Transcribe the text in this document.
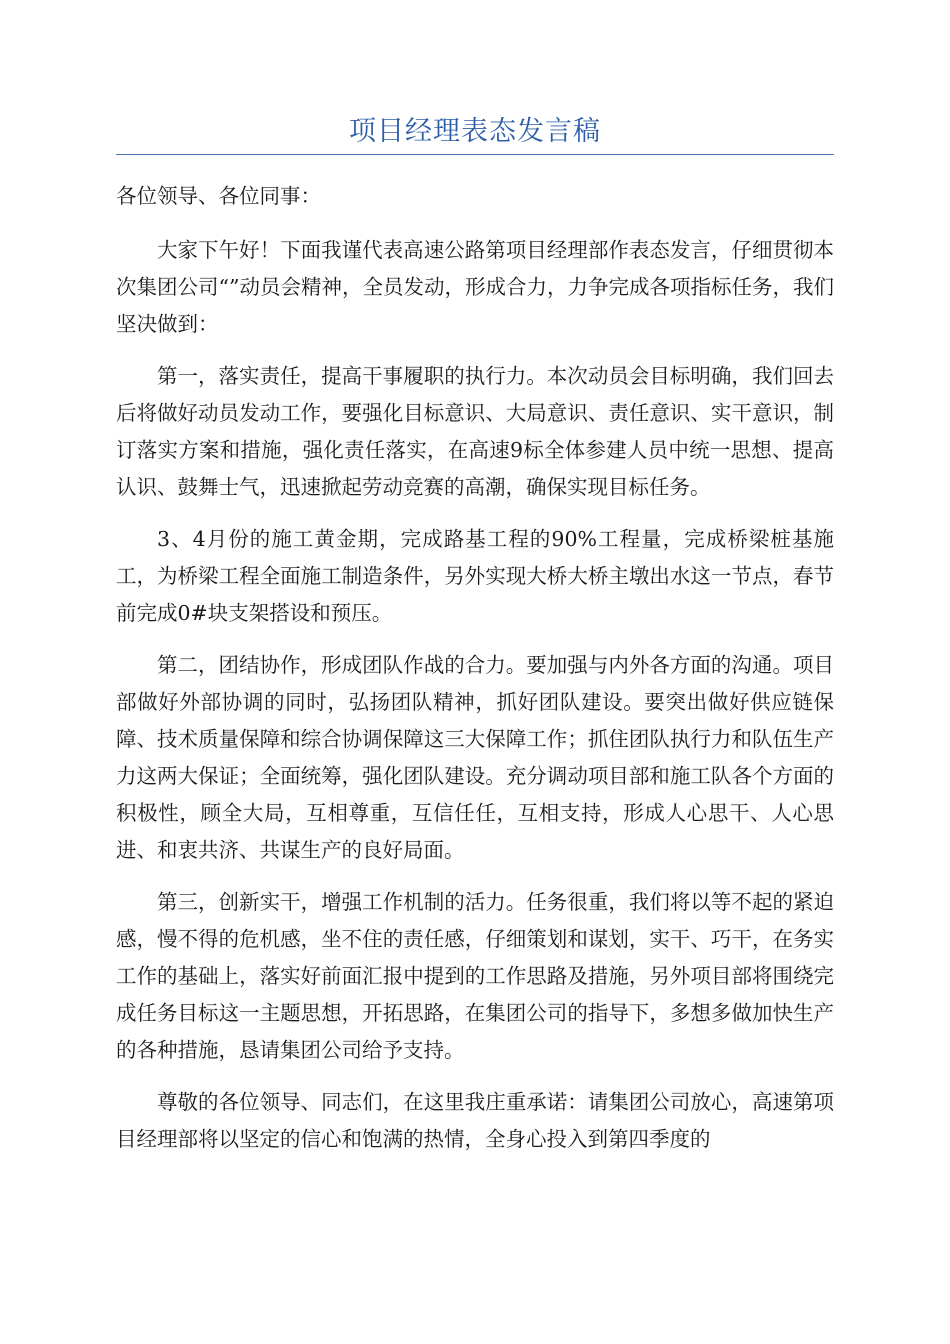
项目经理表态发言稿

各位领导、各位同事：

大家下午好！下面我谨代表高速公路第项目经理部作表态发言，仔细贯彻本次集团公司“”动员会精神，全员发动，形成合力，力争完成各项指标任务，我们坚决做到：

第一，落实责任，提高干事履职的执行力。本次动员会目标明确，我们回去后将做好动员发动工作，要强化目标意识、大局意识、责任意识、实干意识，制订落实方案和措施，强化责任落实，在高速9标全体参建人员中统一思想、提高认识、鼓舞士气，迅速掀起劳动竞赛的高潮，确保实现目标任务。

3、4月份的施工黄金期，完成路基工程的90%工程量，完成桥梁桩基施工，为桥梁工程全面施工制造条件，另外实现大桥大桥主墩出水这一节点，春节前完成0#块支架搭设和预压。

第二，团结协作，形成团队作战的合力。要加强与内外各方面的沟通。项目部做好外部协调的同时，弘扬团队精神，抓好团队建设。要突出做好供应链保障、技术质量保障和综合协调保障这三大保障工作；抓住团队执行力和队伍生产力这两大保证；全面统筹，强化团队建设。充分调动项目部和施工队各个方面的积极性，顾全大局，互相尊重，互信任任，互相支持，形成人心思干、人心思进、和衷共济、共谋生产的良好局面。

第三，创新实干，增强工作机制的活力。任务很重，我们将以等不起的紧迫感，慢不得的危机感，坐不住的责任感，仔细策划和谋划，实干、巧干，在务实工作的基础上，落实好前面汇报中提到的工作思路及措施，另外项目部将围绕完成任务目标这一主题思想，开拓思路，在集团公司的指导下，多想多做加快生产的各种措施，恳请集团公司给予支持。

尊敬的各位领导、同志们，在这里我庄重承诺：请集团公司放心，高速第项目经理部将以坚定的信心和饱满的热情，全身心投入到第四季度的
